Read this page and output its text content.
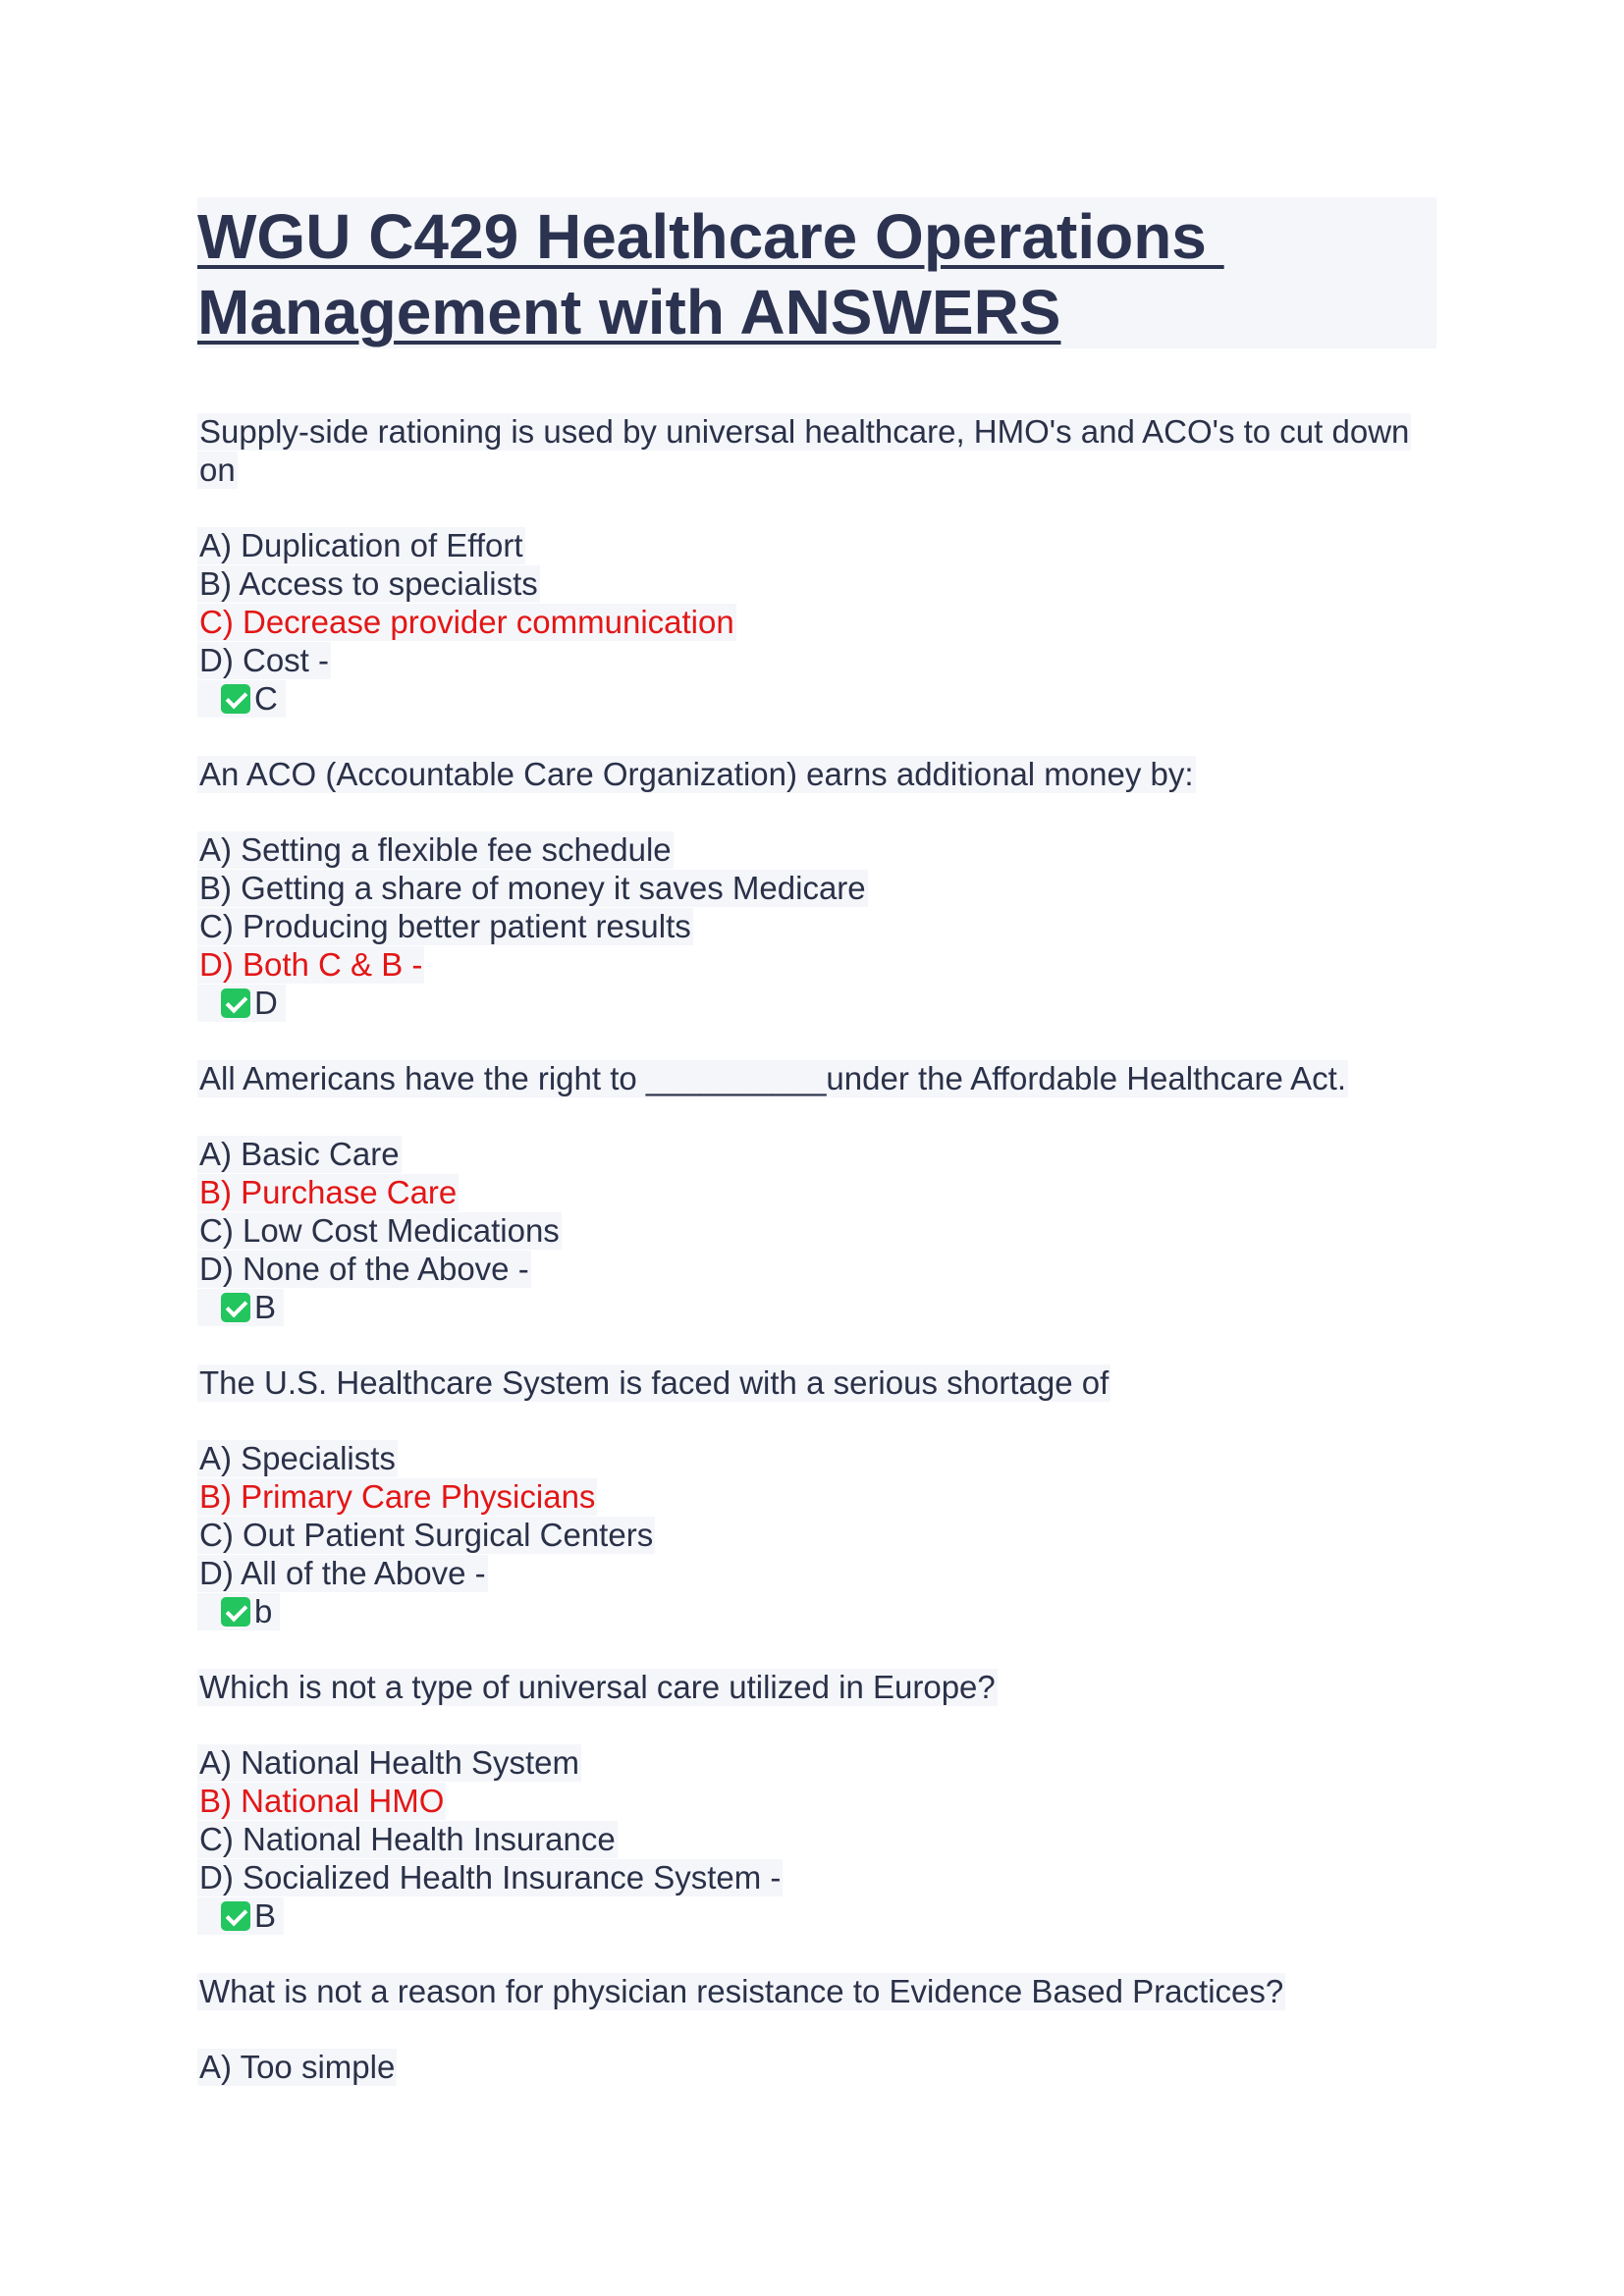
WGU C429 Healthcare Operations
Management with ANSWERS

Supply-side rationing is used by universal healthcare, HMO's and ACO's to cut down

on

A) Duplication of Effort

B) Access to specialists

C) Decrease provider communication

D) Cost -

C

An ACO (Accountable Care Organization) earns additional money by:

A) Setting a flexible fee schedule

B) Getting a share of money it saves Medicare

C) Producing better patient results

D) Both C & B -

D

All Americans have the right to __________under the Affordable Healthcare Act.

A) Basic Care

B) Purchase Care

C) Low Cost Medications

D) None of the Above -

B

The U.S. Healthcare System is faced with a serious shortage of

A) Specialists

B) Primary Care Physicians

C) Out Patient Surgical Centers

D) All of the Above -

b

Which is not a type of universal care utilized in Europe?

A) National Health System

B) National HMO

C) National Health Insurance

D) Socialized Health Insurance System -

B

What is not a reason for physician resistance to Evidence Based Practices?

A) Too simple
